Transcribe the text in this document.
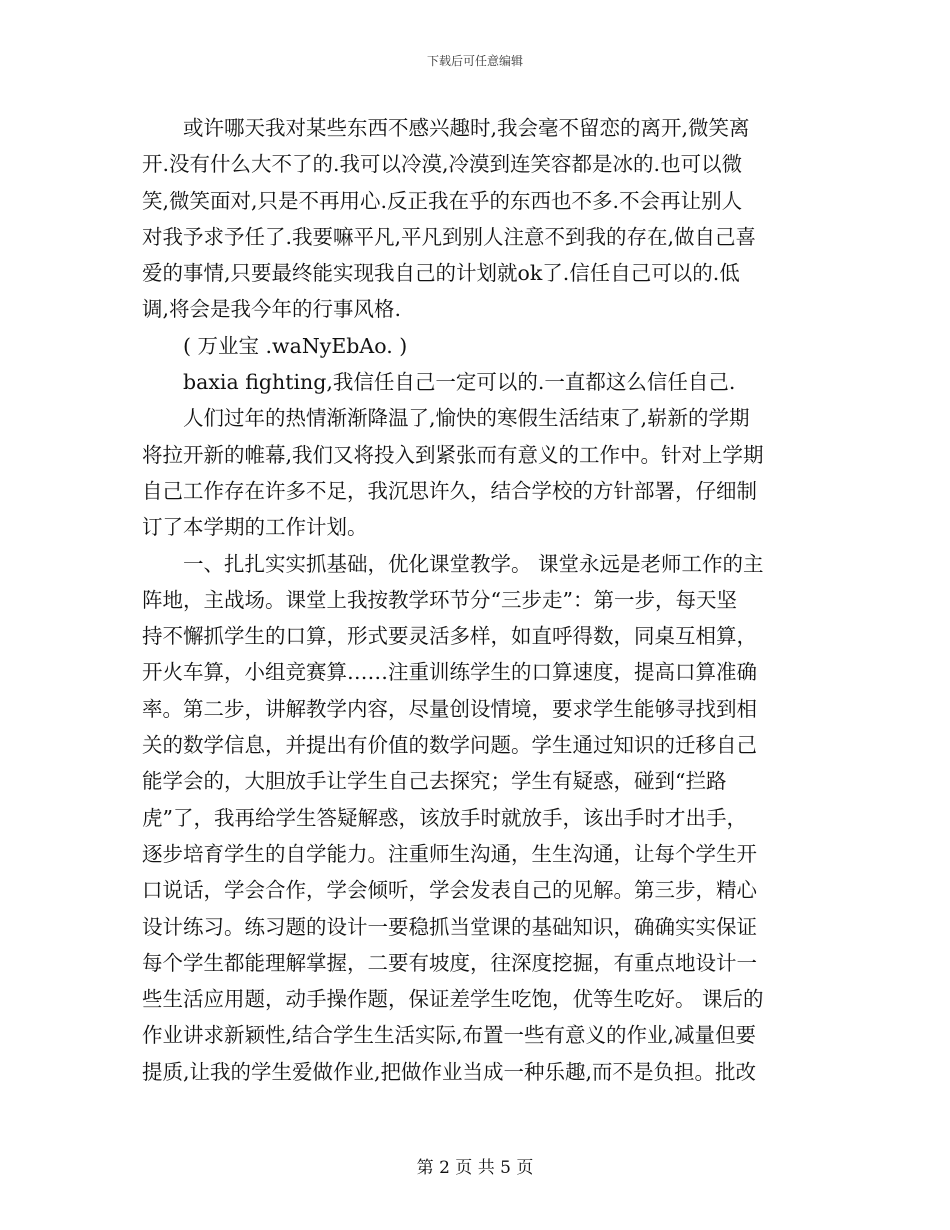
下载后可任意编辑
　　或许哪天我对某些东西不感兴趣时,我会毫不留恋的离开,微笑离
开.没有什么大不了的.我可以冷漠,冷漠到连笑容都是冰的.也可以微
笑,微笑面对,只是不再用心.反正我在乎的东西也不多.不会再让别人
对我予求予任了.我要嘛平凡,平凡到别人注意不到我的存在,做自己喜
爱的事情,只要最终能实现我自己的计划就ok了.信任自己可以的.低
调,将会是我今年的行事风格.
　　( 万业宝 .waNyEbAo. )
　　baxia fighting,我信任自己一定可以的.一直都这么信任自己.
　　人们过年的热情渐渐降温了,愉快的寒假生活结束了,崭新的学期
将拉开新的帷幕,我们又将投入到紧张而有意义的工作中。针对上学期
自己工作存在许多不足，我沉思许久，结合学校的方针部署，仔细制
订了本学期的工作计划。
　　一、扎扎实实抓基础，优化课堂教学。 课堂永远是老师工作的主
阵地，主战场。课堂上我按教学环节分“三步走”：第一步，每天坚
持不懈抓学生的口算，形式要灵活多样，如直呼得数，同桌互相算，
开火车算，小组竞赛算……注重训练学生的口算速度，提高口算准确
率。第二步，讲解教学内容，尽量创设情境，要求学生能够寻找到相
关的数学信息，并提出有价值的数学问题。学生通过知识的迁移自己
能学会的，大胆放手让学生自己去探究；学生有疑惑，碰到“拦路
虎”了，我再给学生答疑解惑，该放手时就放手，该出手时才出手，
逐步培育学生的自学能力。注重师生沟通，生生沟通，让每个学生开
口说话，学会合作，学会倾听，学会发表自己的见解。第三步，精心
设计练习。练习题的设计一要稳抓当堂课的基础知识，确确实实保证
每个学生都能理解掌握，二要有坡度，往深度挖掘，有重点地设计一
些生活应用题，动手操作题，保证差学生吃饱，优等生吃好。 课后的
作业讲求新颖性,结合学生生活实际,布置一些有意义的作业,减量但要
提质,让我的学生爱做作业,把做作业当成一种乐趣,而不是负担。批改
第 2 页 共 5 页
